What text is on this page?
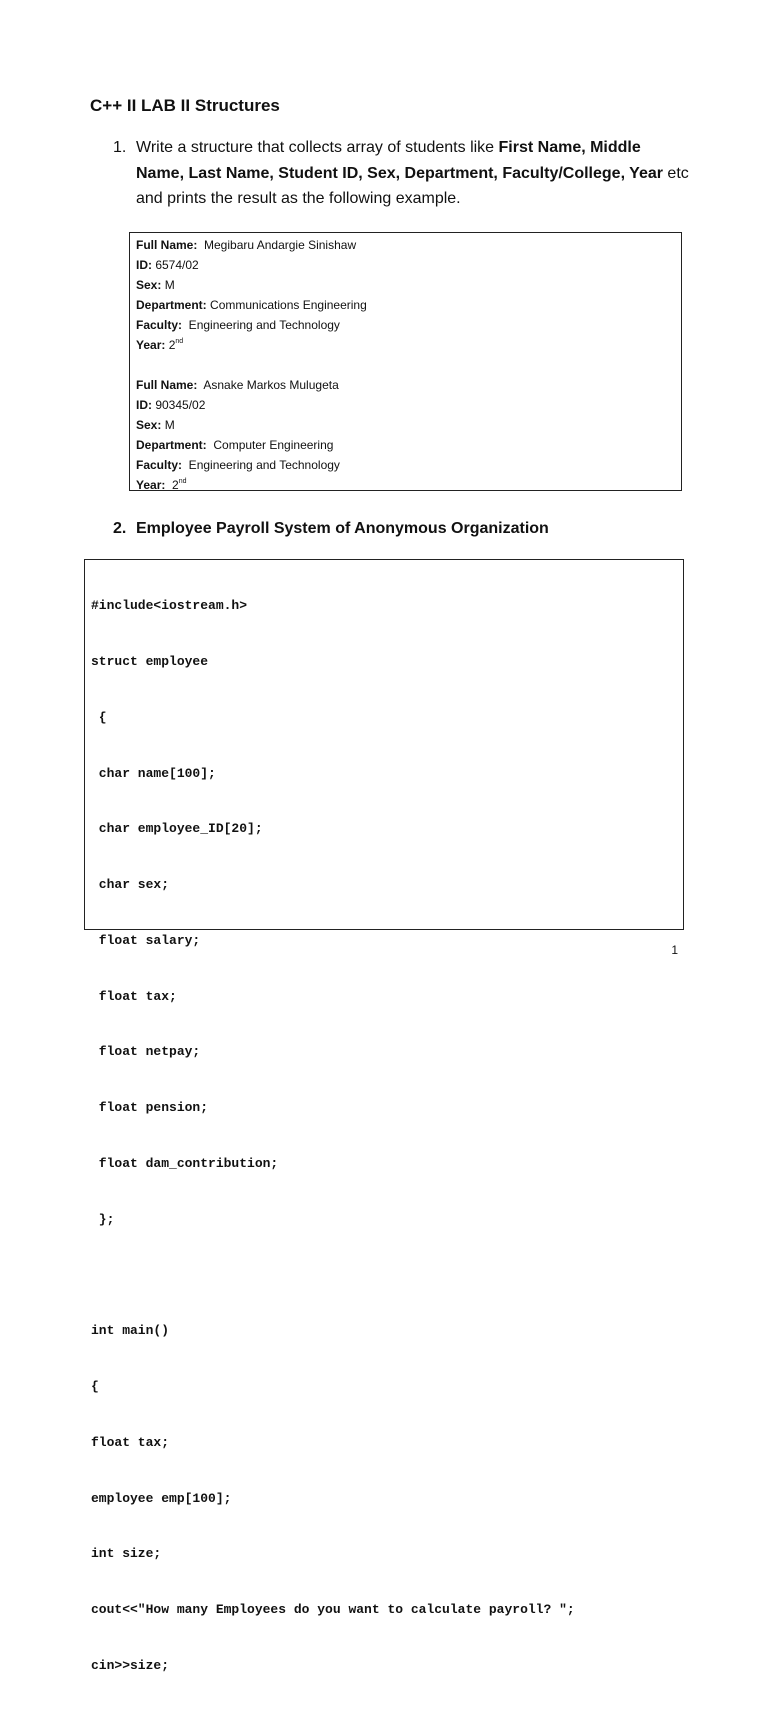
C++ II LAB II Structures
1. Write a structure that collects array of students like First Name, Middle Name, Last Name, Student ID, Sex, Department, Faculty/College, Year etc and prints the result as the following example.
Full Name:  Megibaru Andargie Sinishaw
ID: 6574/02
Sex: M
Department: Communications Engineering
Faculty:  Engineering and Technology
Year: 2nd
Full Name:  Asnake Markos Mulugeta
ID: 90345/02
Sex: M
Department:  Computer Engineering
Faculty:  Engineering and Technology
Year:  2nd
2. Employee Payroll System of Anonymous Organization

#include<iostream.h>

struct employee

{

char name[100];

char employee_ID[20];

char sex;

float salary;

float tax;

float netpay;

float pension;

float dam_contribution;

};

int main()

{

float tax;

employee emp[100];

int size;

cout<<"How many Employees do you want to calculate payroll? ";

cin>>size;

1
